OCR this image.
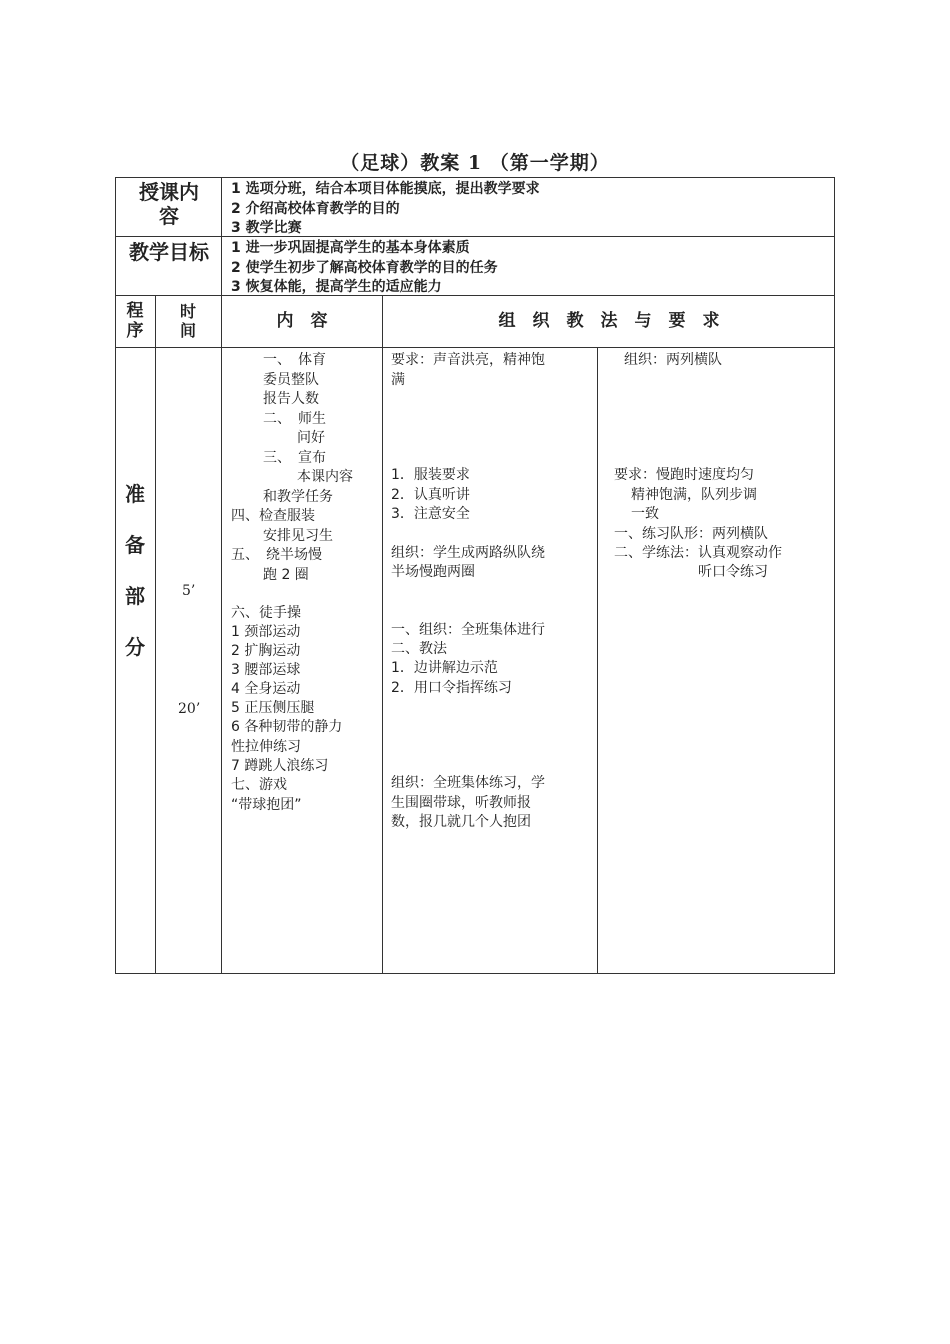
（足球）教案 1 （第一学期）
授课内容
1 选项分班，结合本项目体能摸底，提出教学要求
2 介绍高校体育教学的目的
3 教学比赛
教学目标 1 进一步巩固提高学生的基本身体素质
2 使学生初步了解高校体育教学的目的任务
3 恢复体能，提高学生的适应能力
程序
时间	内　容	组　织　教　法　与　要　求
准备部分
5’
20’
一、　体育
委员整队
报告人数
二、　师生
问好
三、　宣布
本课内容
和教学任务
四、检查服装
安排见习生
五、　绕半场慢
跑 2 圈
六、徒手操
1 颈部运动
2 扩胸运动
3 腰部运球
4 全身运动
5 正压侧压腿
6 各种韧带的静力
性拉伸练习
7 蹲跳人浪练习
七、游戏
“带球抱团”
要求：声音洪亮，精神饱
满
1．服装要求
2．认真听讲
3．注意安全
组织：学生成两路纵队绕
半场慢跑两圈
一、组织：全班集体进行
二、教法
1．边讲解边示范
2．用口令指挥练习
组织：全班集体练习，学
生围圈带球，听教师报
数，报几就几个人抱团
组织：两列横队
要求：慢跑时速度均匀
精神饱满，队列步调
一致
一、练习队形：两列横队
二、学练法：认真观察动作
听口令练习
